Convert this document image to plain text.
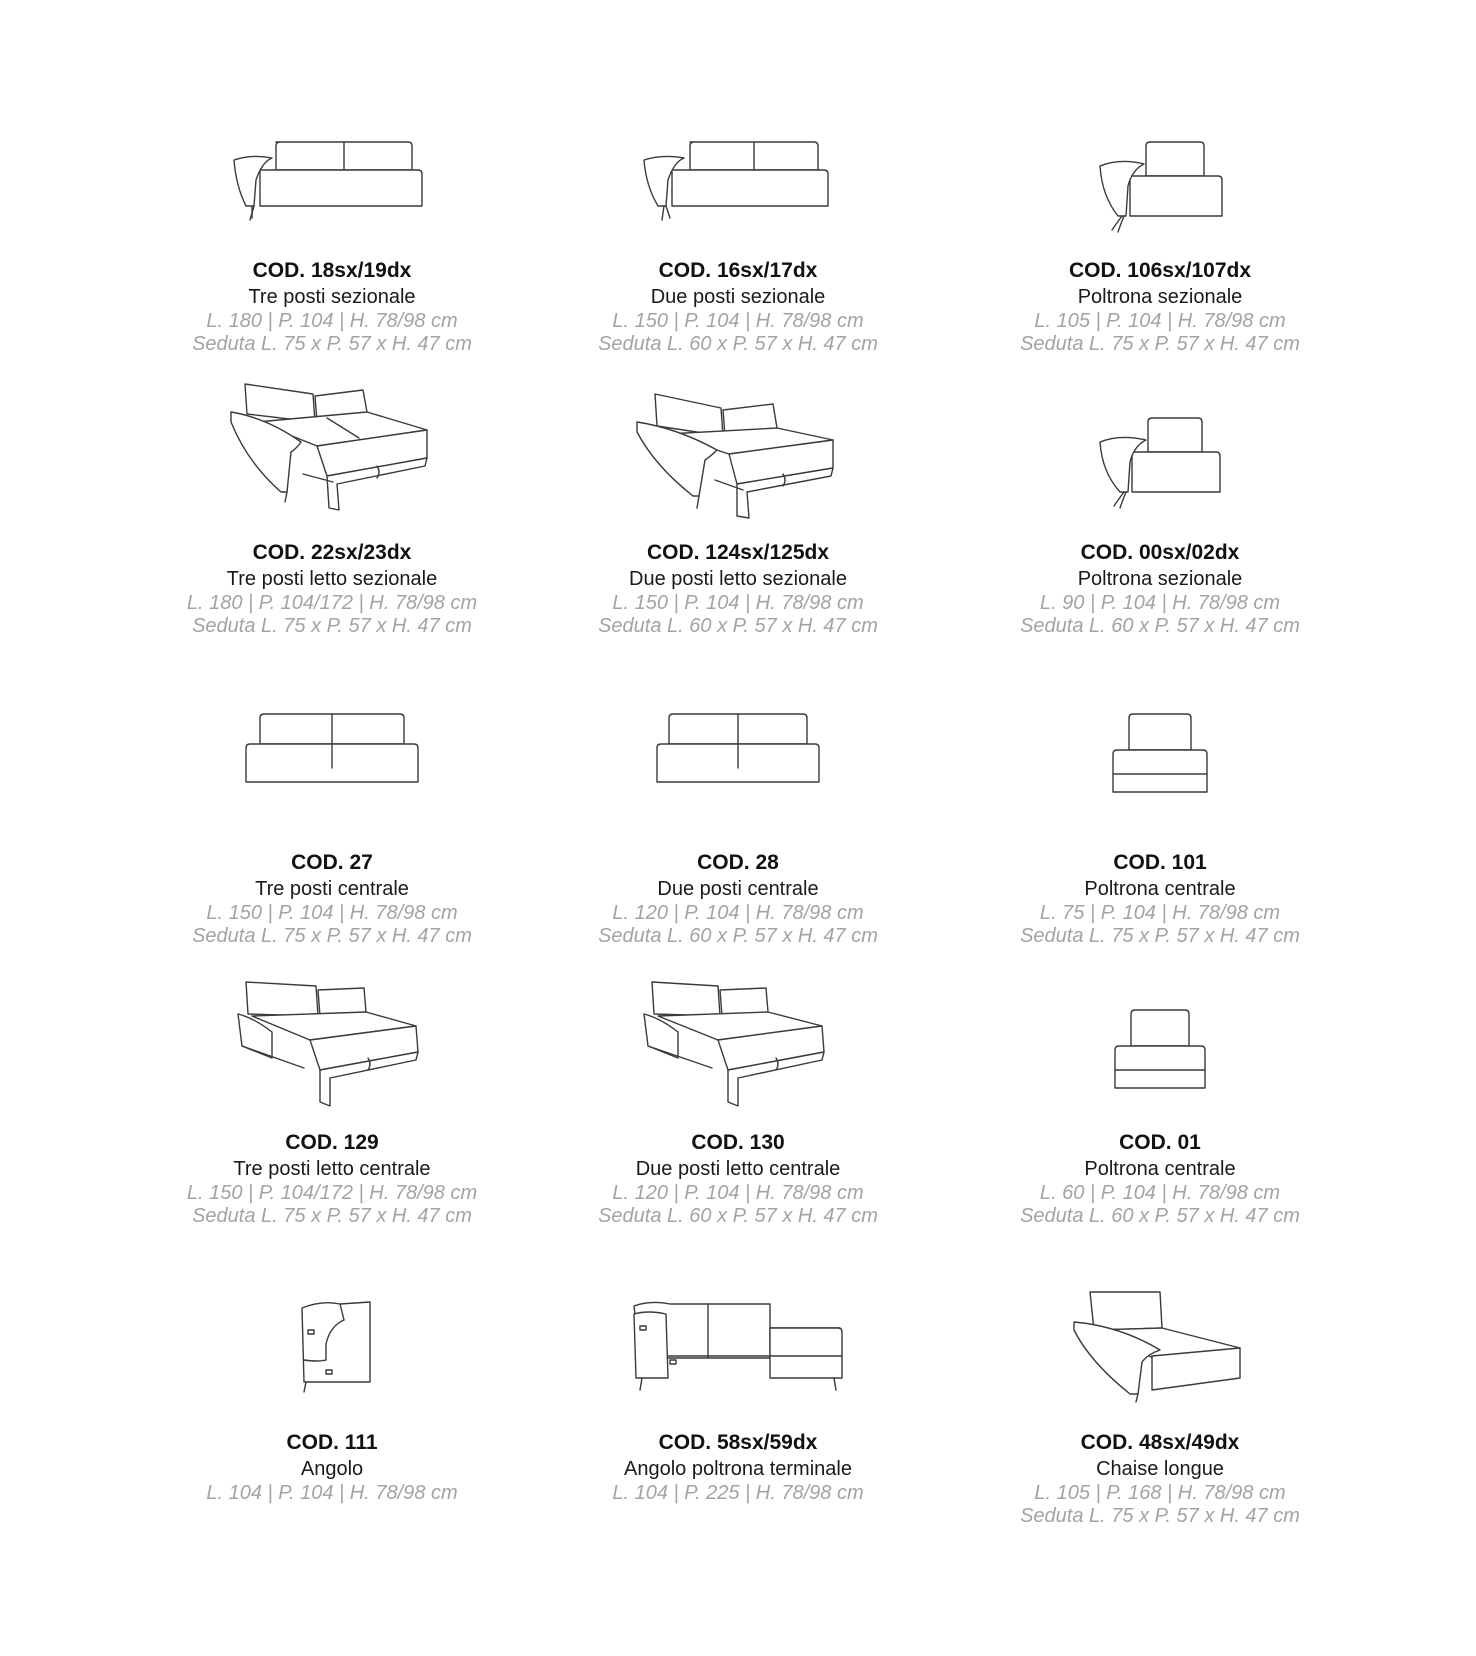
COD. 18sx/19dx
Tre posti sezionale
L. 180 | P. 104 | H. 78/98 cm
Seduta L. 75 x P. 57 x H. 47 cm
COD. 16sx/17dx
Due posti sezionale
L. 150 | P. 104 | H. 78/98 cm
Seduta L. 60 x P. 57 x H. 47 cm
COD. 106sx/107dx
Poltrona sezionale
L. 105 | P. 104 | H. 78/98 cm
Seduta L. 75 x P. 57 x H. 47 cm
COD. 22sx/23dx
Tre posti letto sezionale
L. 180 | P. 104/172 | H. 78/98 cm
Seduta L. 75 x P. 57 x H. 47 cm
COD. 124sx/125dx
Due posti letto sezionale
L. 150 | P. 104 | H. 78/98 cm
Seduta L. 60 x P. 57 x H. 47 cm
COD. 00sx/02dx
Poltrona sezionale
L. 90 | P. 104 | H. 78/98 cm
Seduta L. 60 x P. 57 x H. 47 cm
COD. 27
Tre posti centrale
L. 150 | P. 104 | H. 78/98 cm
Seduta L. 75 x P. 57 x H. 47 cm
COD. 28
Due posti centrale
L. 120 | P. 104 | H. 78/98 cm
Seduta L. 60 x P. 57 x H. 47 cm
COD. 101
Poltrona centrale
L. 75 | P. 104 | H. 78/98 cm
Seduta L. 75 x P. 57 x H. 47 cm
COD. 129
Tre posti letto centrale
L. 150 | P. 104/172 | H. 78/98 cm
Seduta L. 75 x P. 57 x H. 47 cm
COD. 130
Due posti letto centrale
L. 120 | P. 104 | H. 78/98 cm
Seduta L. 60 x P. 57 x H. 47 cm
COD. 01
Poltrona centrale
L. 60 | P. 104 | H. 78/98 cm
Seduta L. 60 x P. 57 x H. 47 cm
COD. 111
Angolo
L. 104 | P. 104 | H. 78/98 cm
COD. 58sx/59dx
Angolo poltrona terminale
L. 104 | P. 225 | H. 78/98 cm
COD. 48sx/49dx
Chaise longue
L. 105 | P. 168 | H. 78/98 cm
Seduta L. 75 x P. 57 x H. 47 cm
